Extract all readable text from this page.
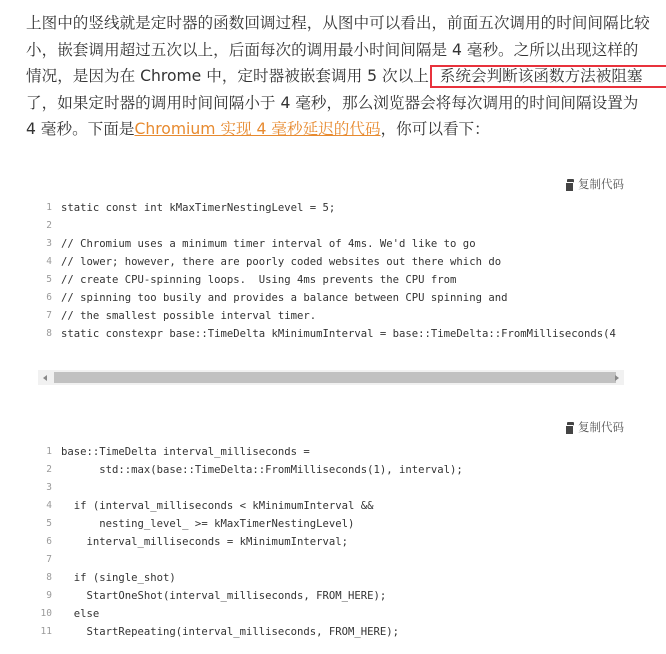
上图中的竖线就是定时器的函数回调过程，从图中可以看出，前面五次调用的时间间隔比较
小，嵌套调用超过五次以上，后面每次的调用最小时间间隔是 4 毫秒。之所以出现这样的
情况，是因为在 Chrome 中，定时器被嵌套调用 5 次以上 系统会判断该函数方法被阻塞
了，如果定时器的调用时间间隔小于 4 毫秒，那么浏览器会将每次调用的时间间隔设置为
4 毫秒。下面是Chromium 实现 4 毫秒延迟的代码，你可以看下：
复制代码
1 static const int kMaxTimerNestingLevel = 5;
2
3 // Chromium uses a minimum timer interval of 4ms. We'd like to go
4 // lower; however, there are poorly coded websites out there which do
5 // create CPU-spinning loops.  Using 4ms prevents the CPU from
6 // spinning too busily and provides a balance between CPU spinning and
7 // the smallest possible interval timer.
8 static constexpr base::TimeDelta kMinimumInterval = base::TimeDelta::FromMilliseconds(4
复制代码
1 base::TimeDelta interval_milliseconds =
2 std::max(base::TimeDelta::FromMilliseconds(1), interval);
3
4 if (interval_milliseconds < kMinimumInterval &&
5 nesting_level_ >= kMaxTimerNestingLevel)
6 interval_milliseconds = kMinimumInterval;
7
8 if (single_shot)
9 StartOneShot(interval_milliseconds, FROM_HERE);
10 else
11 StartRepeating(interval_milliseconds, FROM_HERE);
